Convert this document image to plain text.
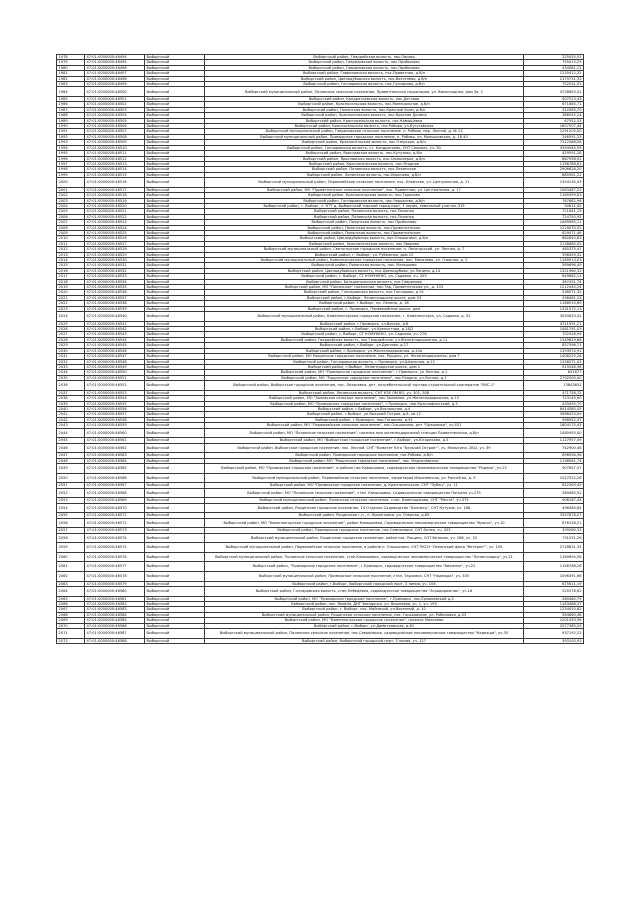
1978	47:01:0000000:46494	Выборгский	Выборгский район, Гвардейская волость, пос.Овсово	325055,01
1979	47:01:0000000:46495	Выборгский	Выборгский район, Гавриловская волость, пос.Прибылово	755415,25
1980	47:01:0000000:46496	Выборгский	Выборгский район, Гавриловская волость, пос.Прибылово	434561,12
1981	47:01:0000000:46497	Выборгский	Выборгский район, Гавриловская волость, пос.Приветное, д.б/н	1230412,22
1982	47:01:0000000:46498	Выборгский	Выборгский район, Цвелодубовская волость, пос.Вязтелёво, д.б/н	2179721,33
1983	47:01:0000000:46499	Выборгский	Выборгский район, Гончаровская волость, пос.Гончарово, д.б/н	752031,02
1984	47:01:0000000:46500	Выборгский	Выборгский муниципальный район, Полянское сельское поселение, Приветненская территория, ул. Виноградная, дом 3а, 2	4728859,01
1985	47:01:0000000:46501	Выборгский	Выборгский район, Кондратьевская волость, пос.Дятлово	907523,43
1986	47:01:0000000:46502	Выборгский	Выборгский район, Красносельская волость, пос.Минеральное, д.б/н	671685,71
1987	47:01:0000000:46503	Выборгский	Выборгский район, Полянская волость, пос.Красный Холм, д.б/н	312985,70
1988	47:01:0000000:46504	Выборгский	Выборгский район, Красносельская волость, пос.Красная Долина	386045,24
1989	47:01:0000000:46505	Выборгский	Выборгский район, Красносельская волость, пос.Камышевка	67552,53
1990	47:01:0000000:46506	Выборгский	Выборгский район, Красносельская волость, пос.Рябово, ул.Кутузовская	1807507,44
1991	47:01:0000000:46507	Выборгский	Выборгский муниципальный район, Гавриловское сельское поселение, п. Рябово, пер. Лесной, д. № 13	1291205,00
1992	47:01:0000000:46508	Выборгский	Выборгский муниципальный район, Приморское городское поселение, п. Рябово, ул. Малышевская, д. 18-40	246591,23
1993	47:01:0000000:46509	Выборгский	Выборгский район, Красносельская волость, пос.Озерское, д.б/н	7112588,28
1994	47:01:0000000:46510	Выборгский	Выборгский район, Гончаровская волость, ст. Кондратьево, СНТ Спираль, уч. 30	4394944,59
1995	47:01:0000000:46511	Выборгский	Выборгский район, Ярославская волость, пос.Кутузово, д.б/н	429591,28
1996	47:01:0000000:46512	Выборгский	Выборгский район, Ярославская волость, пос.Семиозерье, д.б/н	867958,02
1997	47:01:0000000:46513	Выборгский	Выборгский район, Красносельская волость, пос.Ягодное	1196788,61
1998	47:01:0000000:46514	Выборгский	Выборгский район, Полянская волость, пос.Пекинское	2906628,20
1999	47:01:0000000:46515	Выборгский	Выборгский район, Ленинская волость, пос.Ильичево, д.б/н	885561,22
2000	47:01:0000000:46516	Выборгский	Выборгский муниципальный район, Первомайское сельское поселение, пос. Ильичево, ул. Центральная, д. 21	1354130,43
2001	47:01:0000000:46517	Выборгский	Выборгский район, МО "Приветненское сельское поселение", пос. Приветное, ул. Центральная, д. 17	1063487,22
2002	47:01:0000000:46518	Выборгский	Выборгский район, Красносельская волость, пос.Тарасово	1189399,83
2003	47:01:0000000:46519	Выборгский	Выборгский район, Гончаровская волость, пос.Черкасово, д.б/н	767682,96
2004	47:01:0000000:46520	Выборгский	Выборгский район, г. Выборг, с. НТТ д. Выборгской тирской город-порт, 1 линия, земельный участок 319	90811,45
2005	47:01:0000000:46521	Выборгский	Выборгский район, Полянская волость, пос.Полянка	721841,19
2006	47:01:0000000:46522	Выборгский	Выборгский район, Полянская волость, пос.Полянка	724750,95
2007	47:01:0000000:46523	Выборгский	Выборгский район, Полянская волость, пос.Прибылово	1089985,11
2008	47:01:0000000:46524	Выборгский	Выборгский район, Полянская волость, пос.Приветненское	1229070,52
2009	47:01:0000000:46525	Выборгский	Выборгский район, Полянская волость, пос.Приветненское	829071,46
2010	47:01:0000000:46526	Выборгский	Выборгский район, Цвелодубовская волость, пос.Ольшаники, д.б/н	882840,83
2011	47:01:0000000:46527	Выборгский	Выборгский район, Красносельская волость, пос.Зверево	2138680,02
2012	47:01:0000000:46528	Выборгский	Выборгский муниципальный район, Светогорское городское поселение, п. Лесогорский, ул. Лесная, д. 7	465375,41
2013	47:01:0000000:46529	Выборгский	Выборгский район, г. Выборг, ул. Рубежная, дом 12	398459,32
2014	47:01:0000000:46530	Выборгский	Выборгский муниципальный район, Каменногорское городское поселение, пос. Михалево, ул. Озерная, д. 2	1169913,03
2015	47:01:0000000:46531	Выборгский	Выборгский район, Полянская волость, пос. Малышево	589696,49
2016	47:01:0000000:46532	Выборгский	Выборгский район, Цвелодубовская волость, пос.Цвелодубово, ул.Ленина, д.14	1321960,33
2017	47:01:0000000:46533	Выборгский	Выборгский район, г. Выборг, СТ КОМУНЕКО, ул. Садовая, уч. 209	649682,13
2018	47:01:0000000:46534	Выборгский	Выборгский район, Большепольская волость, пос.Гаврилово	367431,74
2019	47:01:0000000:46535	Выборгский	Выборгский район, МО "Полянское" поселение, пос.Тар, Приветненская ул., д. 103	1212440,24
2020	47:01:0000000:46536	Выборгский	Выборгский район, Гончаровская волость, пос.Гончарово, д.91	538071,32
2021	47:01:0000000:46537	Выборгский	Выборгский район, г.Выборг, Ленинградское шоссе, дом 33	336461,23
2022	47:01:0000000:46538	Выборгский	Выборгский район, г.Выборг, пр. Ленина, д. 18	1168910,89
2023	47:01:0000000:46539	Выборгский	Выборгский район, г. Приморск, Первомайское шоссе, дом	1331572,13
2024	47:01:0000000:46540	Выборгский	Выборгский муниципальный район, Каменногорское городское поселение, г. Каменногорск, ул. Садовая, д. 52	3050623,41
2025	47:01:0000000:46541	Выборгский	Выборгский район, г.Приморск, ул.Вокзал, д.б	4711591,21
2026	47:01:0000000:46542	Выборгский	Выборгский район, г.Выборг, ул.Крепостная, д.18/2	1081791,03
2027	47:01:0000000:46543	Выборгский	Выборгский район, г. Выборг, СТ КОМУНЕКО, ул. Садовая, уч. 276	702426,99
2028	47:01:0000000:46544	Выборгский	Выборгский район, Гвардейская волость, пос.Гвардейское, ул.Железнодорожная, д.11	1349629,88
2029	47:01:0000000:46545	Выборгский	Выборгский район, г.Выборг, ул.Диктова, д.17	857396,71
2030	47:01:0000000:46546	Выборгский	Выборгский район, г.Приморск, ул.Железнодорожная, д.10а	1393974,91
2031	47:01:0000000:46547	Выборгский	Выборгский район, МО Рощинское городское поселение, пос. Рощино, ул. Железнодорожная, дом 7	1408225,28
2032	47:01:0000000:46548	Выборгский	Выборгский район, Гончаровская волость, г.Приморск, ул.Школьная, д.12	1338271,01
2033	47:01:0000000:46549	Выборгский	Выборгский район, г.Выборг, Ленинградское шоссе, дом 1	915546,36
2034	47:01:0000000:46550	Выборгский	Выборгский район, МО "Приморское городское поселение", г.Приморск, ул.Лесная, д.1	641677
2035	47:01:0000000:46551	Выборгский	Выборгский район, МО "Рощинское городское поселение", пос.Рощино, ул.Лесная, д.1	2792500,00
2036	47:01:0000000:46552	Выборгский	Выборгский район, Выборгское городское поселение, пос. Лазаревка, днт, потребительский торгово-строительный кооператив "ЛИС-1"	13843652
2037	47:01:0000000:46553	Выборгский	Выборгский район, Ленинская волость, СНТ КЗУ ЛМ ВО, уч. 301, 308	471758,72
2038	47:01:0000000:46554	Выборгский	Выборгский район, МО "Заливское сельское поселение", пос.Заливное, ул.Железнодорожная, д.15	723149,90
2039	47:01:0000000:46555	Выборгский	Выборгский район, МО "Приморское городское поселение", г.Приморск, пер.Краснофлотский, д.3	433495,70
2040	47:01:0000000:46556	Выборгский	Выборгский район, г.Выборг, ул.Вокзальная, д.4	8414580,05
2041	47:01:0000000:46557	Выборгский	Выборгский район, г.Выборг, ул.Высокий Остров, д.8, кв.12	3986433,09
2042	47:01:0000000:46558	Выборгский	Выборгский район, г.Приморск, пер.Гагарина, д.91	998952,37
2043	47:01:0000000:46559	Выборгский	Выборгский район, МО "Первомайское сельское поселение", пос.Ольшаники, днт "Орешники", уч.431	1804175,43
2044	47:01:0000000:46560	Выборгский	Выборгский район, МО "Полянское сельское поселение", поселок при железнодорожной станции Приветненская, д.б/н	1080955,00
2045	47:01:0000000:46561	Выборгский	Выборгский район, МО "Выборгское городское поселение", г.Выборг, ул.Югорекова, д.5	1127957,09
2046	47:01:0000000:46562	Выборгский	Выборгский район, Выборгское городское поселение, пос. Лесной, СНТ "Комитет Юга "Бельчий Остров"", уч. Малыгина, 2В/2, уч. 39	742900,46
2047	47:01:0000000:46563	Выборгский	Выборгский район, Приморское городское поселение, пос.Рябово, д.б/н	696094,56
2048	47:01:0000000:46564	Выборгский	Выборгский район, МО "Рощинское городское поселение", пос. Мархиловское	1138561,74
2049	47:01:0000000:46565	Выборгский	Выборгский район, МО "Приморское городское поселение", в районе пос.Камышовка, садоводческое некоммерческое товарищество "Родник", уч.22	907857,57
2050	47:01:0000000:46566	Выборгский	Выборгский муниципальный район, Первомайское сельское поселение, территория Ильичёвская, ул. Россий ва, д. 5	1027522,28
2051	47:01:0000000:46567	Выборгский	Выборгский район, МО "Приморское городское поселение, д. Красносельское, СНТ "Зубец", уч. 11	812263,49
2052	47:01:0000000:46568	Выборгский	Выборгский район, МО "Полянское сельское поселение", стан. Камышовка, Садоводческое товарищество Пограни уч.279	569480,52
2053	47:01:0000000:46569	Выборгский	Выборгский муниципальный район, Полянское сельское поселение, стан. Каменщикова, СНТ "Мечта", уч.375	908187,44
2054	47:01:0000000:46570	Выборгский	Выборгский район, Рощинское городское поселение, 14 Отделка Садоводство "Балтиец", СНТ Кутузов, уч. 168	498384,64
2055	47:01:0000000:46571	Выборгский	Выборгский район, Рощинское г.п., п. Крокетовка, ул. Озерная, д.85	3397878,07
2056	47:01:0000000:46572	Выборгский	Выборгский район, МО "Каменногорское городское поселение", район Камышевки, Садоводческое некоммерческое товарищество "Вуокса", уч.10	678158,21
2057	47:01:0000000:46573	Выборгский	Выборгский район, Приморское городское поселение, пос.Семиозерье, СНТ Аллея, уч. 203	339260,33
2058	47:01:0000000:46574	Выборгский	Выборгский муниципальный район, Рощинское городское поселение, район пос. Рощино, СНТ Ветерок, уч. 188, уч. 32	731931,26
2059	47:01:0000000:46575	Выборгский	Выборгский муниципальный район, Первомайское сельское поселение, в районе п. Ольшаники, СНТ ПКСН "Ленинский фонд "Ветеран"", уч. 109	2718831,33
2060	47:01:0000000:46576	Выборгский	Выборгский муниципальный район, Полянское сельское поселение, стан.Камышевка, садоводческое некоммерческое товарищество "Ленинградец", уч.21	1160694,56
2061	47:01:0000000:46577	Выборгский	Выборгский район, "Приморское городское поселение", г.Приморск, садоводческое товарищество "Вишенка", уч.22	1158768,28
2062	47:01:0000000:46578	Выборгский	Выборгский муниципальный район, Приморское сельское поселение, стан. Тарховка, СНТ "Надежда", уч. 335	1096391,66
2063	47:01:0000000:46579	Выборгский	Выборгский район, г.Выборг, Выборгский городской порт, 3 линия, уч. 106	675611,19
2064	47:01:0000000:46580	Выборгский	Выборгский район, Гончаровская волость, стан.Лебедевка, садоводческое товарищество "Агродорожник", уч.18	525576,62
2065	47:01:0000000:46581	Выборгский	Выборгский район, МО "Приморское городское поселение", г.Приморск, пос.Ермиловский д.3	260460,79
2066	47:01:0000000:46582	Выборгский	Выборгский район, пос. Яковля, ДНТ Звездочка, ул. Вишневая, уч. 1, уч. 195	1163488,37
2067	47:01:0000000:46583	Выборгский	Выборгский район, г. Выборг, пос. Майничий, ул.Весенний, д. 10	1234920,82
2068	47:01:0000000:46584	Выборгский	Выборгский муниципальный район, Рощинское сельское поселение, пос. Горьковское, ул. Рябиновая, д.53	564660,48
2069	47:01:0000000:46585	Выборгский	Выборгский район, МО "Каменногорское городское поселение", поселок Михалево	1201593,96
2070	47:01:0000000:46586	Выборгский	Выборгский район, г.Выборг, ул.Димитровская, д.62	2577385,29
2071	47:01:0000000:46587	Выборгский	Выборгский муниципальный район, Полянское сельское поселение, пос.Семиозерье, садоводческое некоммерческое товарищество "Надежда", уч.35	937192,22
2072	47:01:0000000:46588	Выборгский	Выборгский район, Выборгский городской порт, 3 линия, уч. 127	393100,93
